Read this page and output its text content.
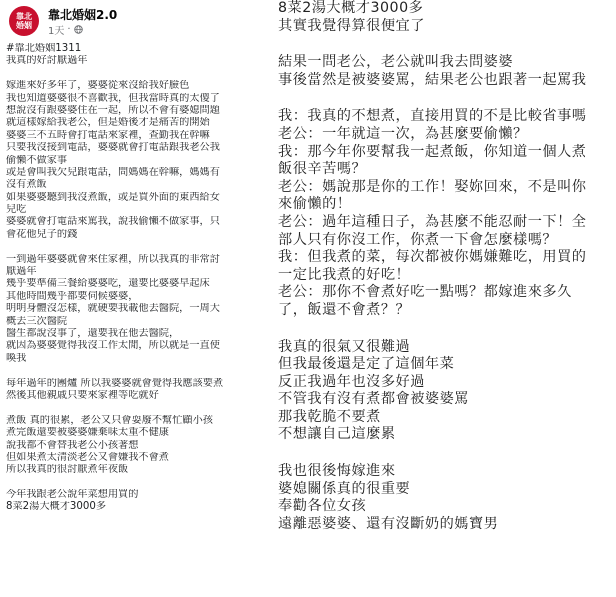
靠北
婚姻
靠北婚姻2.0
1天 ·
#靠北婚姻1311
我真的好討厭過年
嫁進來好多年了，婆婆從來沒給我好臉色
我也知道婆婆很不喜歡我，但我當時真的太傻了
想說沒有跟婆婆住在一起，所以不會有婆媳問題
就這樣嫁給我老公，但是婚後才是痛苦的開始
婆婆三不五時會打電話來家裡，查勤我在幹嘛
只要我沒接到電話，婆婆就會打電話跟我老公我
偷懶不做家事
或是會叫我欠兒跟電話，問媽媽在幹嘛，媽媽有
沒有煮飯
如果婆婆聽到我沒煮飯，或是買外面的東西給女
兒吃
婆婆就會打電話來罵我，說我偷懶不做家事，只
會花他兒子的錢
一到過年婆婆就會來住家裡，所以我真的非常討
厭過年
幾乎要準備三餐給婆婆吃，還要比婆婆早起床
其他時間幾乎都要伺候婆婆，
明明身體沒怎樣，就硬要我載他去醫院，一周大
概去三次醫院
醫生都說沒事了，還要我在他去醫院，
就因為婆婆覺得我沒工作太閒，所以就是一直使
喚我
每年過年的團爐 所以我婆婆就會覺得我應該要煮
然後其他親戚只要來家裡等吃就好
煮飯 真的很累，老公又只會耍廢不幫忙顧小孩
煮完飯還要被婆婆嫌棄味太重不健康
說我都不會替我老公小孩著想
但如果煮太清淡老公又會嫌我不會煮
所以我真的很討厭煮年夜飯
今年我跟老公說年菜想用買的
8菜2湯大概才3000多
8菜2湯大概才3000多
其實我覺得算很便宜了
結果一問老公，老公就叫我去問婆婆
事後當然是被婆婆罵，結果老公也跟著一起罵我
我：我真的不想煮，直接用買的不是比較省事嗎
老公：一年就這一次，為甚麼要偷懶？
我：那今年你要幫我一起煮飯，你知道一個人煮
飯很辛苦嗎？
老公：媽說那是你的工作！娶妳回來，不是叫你
來偷懶的！
老公：過年這種日子，為甚麼不能忍耐一下！全
部人只有你沒工作，你煮一下會怎麼樣嗎？
我：但我煮的菜，每次都被你媽嫌難吃，用買的
一定比我煮的好吃！
老公：那你不會煮好吃一點嗎？都嫁進來多久
了，飯還不會煮？？
我真的很氣又很難過
但我最後還是定了這個年菜
反正我過年也沒多好過
不管我有沒有煮都會被婆婆罵
那我乾脆不要煮
不想讓自己這麼累
我也很後悔嫁進來
婆媳關係真的很重要
奉勸各位女孩
遠離惡婆婆、還有沒斷奶的媽寶男
